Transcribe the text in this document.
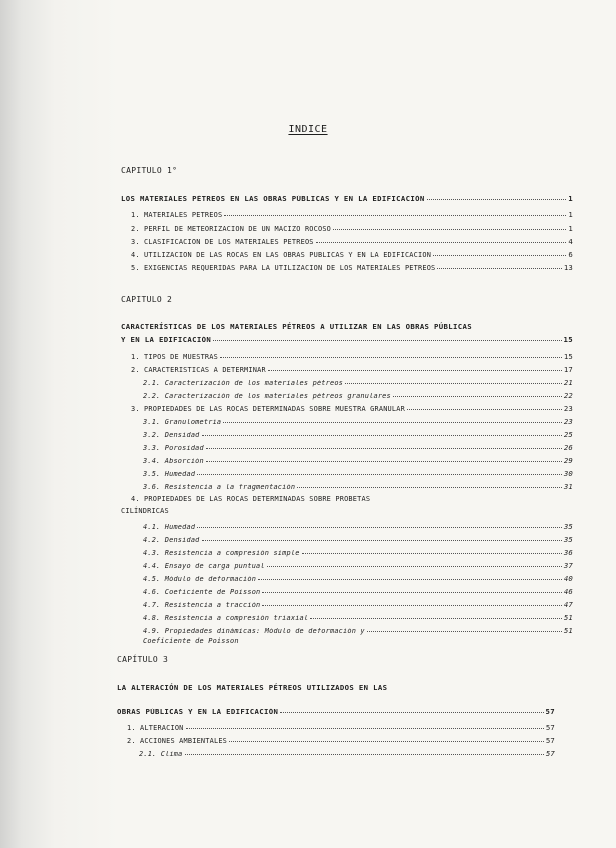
INDICE
CAPITULO 1°
LOS MATERIALES PÉTREOS EN LAS OBRAS PÚBLICAS Y EN LA EDIFICACIÓN	1
1. MATERIALES PÉTREOS	1
2. PERFIL DE METEORIZACIÓN DE UN MACIZO ROCOSO	1
3. CLASIFICACIÓN DE LOS MATERIALES PÉTREOS	4
4. UTILIZACIÓN DE LAS ROCAS EN LAS OBRAS PÚBLICAS Y EN LA EDIFICACIÓN	6
5. EXIGENCIAS REQUERIDAS PARA LA UTILIZACIÓN DE LOS MATERIALES PÉTREOS	13
CAPITULO 2
CARACTERÍSTICAS DE LOS MATERIALES PÉTREOS A UTILIZAR EN LAS OBRAS PÚBLICAS
Y EN LA EDIFICACIÓN	15
1. TIPOS DE MUESTRAS	15
2. CARACTERÍSTICAS A DETERMINAR	17
2.1. Caracterización de los materiales pétreos	21
2.2. Caracterización de los materiales pétreos granulares	22
3. PROPIEDADES DE LAS ROCAS DETERMINADAS SOBRE MUESTRA GRANULAR	23
3.1. Granulometría	23
3.2. Densidad	25
3.3. Porosidad	26
3.4. Absorción	29
3.5. Humedad	30
3.6. Resistencia a la fragmentación	31
4. PROPIEDADES DE LAS ROCAS DETERMINADAS SOBRE PROBETAS
CILÍNDRICAS
4.1. Humedad	35
4.2. Densidad	35
4.3. Resistencia a compresión simple	36
4.4. Ensayo de carga puntual	37
4.5. Módulo de deformación	40
4.6. Coeficiente de Poisson	46
4.7. Resistencia a tracción	47
4.8. Resistencia a compresión triaxial	51
4.9. Propiedades dinámicas: Módulo de deformación y	51
Coeficiente de Poisson
CAPÍTULO 3
LA ALTERACIÓN DE LOS MATERIALES PÉTREOS UTILIZADOS EN LAS
OBRAS PÚBLICAS Y EN LA EDIFICACIÓN	57
1. ALTERACIÓN	57
2. ACCIONES AMBIENTALES	57
2.1. Clima	57
